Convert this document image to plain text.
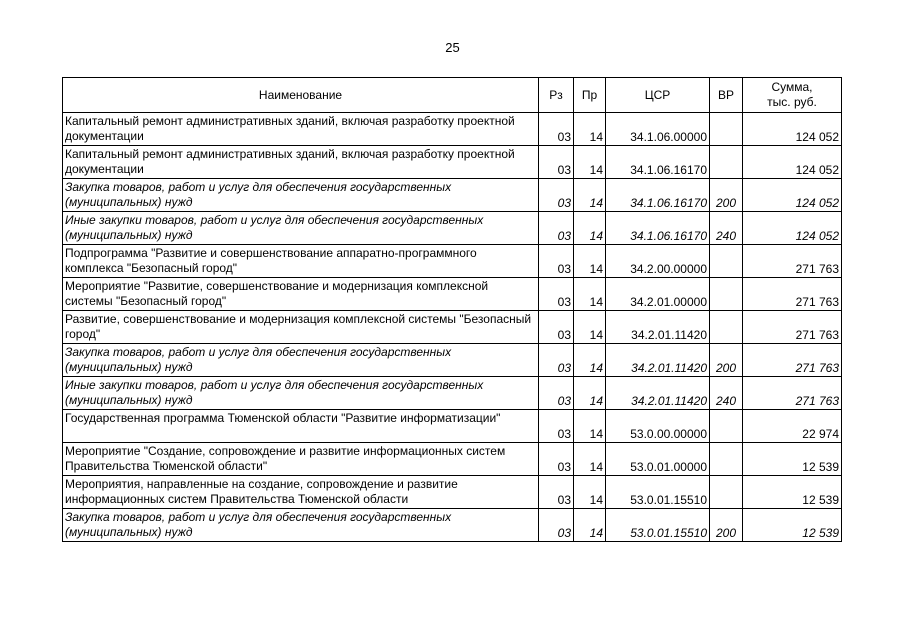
25
Наименование	Рз	Пр	ЦСР	ВР	Сумма,
тыс. руб.

Капитальный ремонт административных зданий, включая разработку проектной документации	03	14	34.1.06.00000		124 052
Капитальный ремонт административных зданий, включая разработку проектной документации	03	14	34.1.06.16170		124 052
Закупка товаров, работ и услуг для обеспечения государственных (муниципальных) нужд	03	14	34.1.06.16170	200	124 052
Иные закупки товаров, работ и услуг для обеспечения государственных (муниципальных) нужд	03	14	34.1.06.16170	240	124 052
Подпрограмма "Развитие и совершенствование аппаратно-программного комплекса "Безопасный город"	03	14	34.2.00.00000		271 763
Мероприятие "Развитие, совершенствование и модернизация комплексной системы "Безопасный город"	03	14	34.2.01.00000		271 763
Развитие, совершенствование и модернизация комплексной системы "Безопасный город"	03	14	34.2.01.11420		271 763
Закупка товаров, работ и услуг для обеспечения государственных (муниципальных) нужд	03	14	34.2.01.11420	200	271 763
Иные закупки товаров, работ и услуг для обеспечения государственных (муниципальных) нужд	03	14	34.2.01.11420	240	271 763
Государственная программа Тюменской области "Развитие информатизации"	03	14	53.0.00.00000		22 974
Мероприятие "Создание, сопровождение и развитие информационных систем Правительства Тюменской области"	03	14	53.0.01.00000		12 539
Мероприятия, направленные на создание, сопровождение и развитие информационных систем Правительства Тюменской области	03	14	53.0.01.15510		12 539
Закупка товаров, работ и услуг для обеспечения государственных (муниципальных) нужд	03	14	53.0.01.15510	200	12 539
